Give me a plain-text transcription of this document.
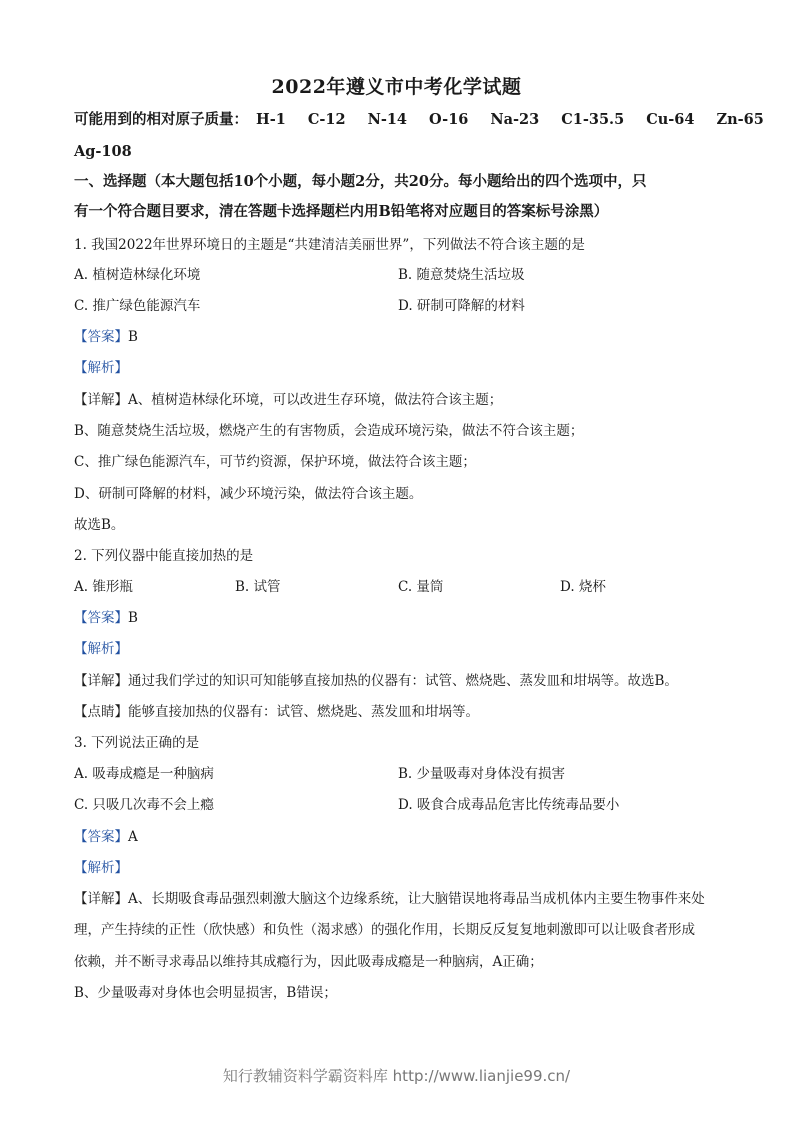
2022年遵义市中考化学试题
可能用到的相对原子质量： H-1 C-12 N-14 O-16 Na-23 C1-35.5 Cu-64 Zn-65
Ag-108
一、选择题（本大题包括10个小题，每小题2分，共20分。每小题给出的四个选项中，只
有一个符合题目要求，清在答题卡选择题栏内用B铅笔将对应题目的答案标号涂黑）
1. 我国2022年世界环境日的主题是“共建清洁美丽世界”，下列做法不符合该主题的是
A. 植树造林绿化环境	B. 随意焚烧生活垃圾
C. 推广绿色能源汽车	D. 研制可降解的材料
【答案】B
【解析】
【详解】A、植树造林绿化环境，可以改进生存环境，做法符合该主题；
B、随意焚烧生活垃圾，燃烧产生的有害物质，会造成环境污染，做法不符合该主题；
C、推广绿色能源汽车，可节约资源，保护环境，做法符合该主题；
D、研制可降解的材料，减少环境污染，做法符合该主题。
故选B。
2. 下列仪器中能直接加热的是
A. 锥形瓶	B. 试管	C. 量筒	D. 烧杯
【答案】B
【解析】
【详解】通过我们学过的知识可知能够直接加热的仪器有：试管、燃烧匙、蒸发皿和坩埚等。故选B。
【点睛】能够直接加热的仪器有：试管、燃烧匙、蒸发皿和坩埚等。
3. 下列说法正确的是
A. 吸毒成瘾是一种脑病	B. 少量吸毒对身体没有损害
C. 只吸几次毒不会上瘾	D. 吸食合成毒品危害比传统毒品要小
【答案】A
【解析】
【详解】A、长期吸食毒品强烈刺激大脑这个边缘系统，让大脑错误地将毒品当成机体内主要生物事件来处
理，产生持续的正性（欣快感）和负性（渴求感）的强化作用，长期反反复复地刺激即可以让吸食者形成
依赖，并不断寻求毒品以维持其成瘾行为，因此吸毒成瘾是一种脑病，A正确；
B、少量吸毒对身体也会明显损害，B错误；
知行教辅资料学霸资料库 http://www.lianjie99.cn/
